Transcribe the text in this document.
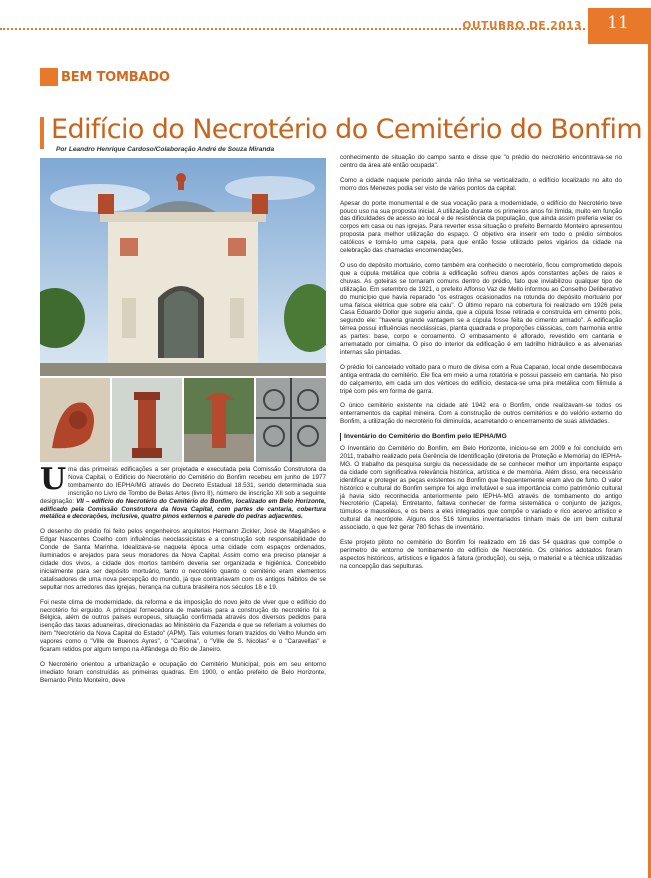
OUTUBRO DE 2013	11
BEM TOMBADO
Edifício do Necrotério do Cemitério do Bonfim
Por Leandro Henrique Cardoso/Colaboração André de Souza Miranda
Uma das primeiras edificações a ser projetada e executada pela Comissão Construtora da Nova Capital, o Edifício do Necrotério do Cemitério do Bonfim recebeu em junho de 1977 tombamento do IEPHA/MG através do Decreto Estadual 18.531, sendo determinada sua inscrição no Livro de Tombo de Belas Artes (livro II), número de inscrição XII sob a seguinte designação: VII – edifício do Necrotério do Cemitério do Bonfim, localizado em Belo Horizonte, edificado pela Comissão Construtora da Nova Capital, com partes de cantaria, cobertura metálica e decorações, inclusive, quatro pinos externos e parede do pedras adjacentes.

O desenho do prédio foi feito pelos engenheiros arquitetos Hermann Zickler, José de Magalhães e Edgar Nascentes Coelho com influências neoclassicistas e a construção sob responsabilidade do Conde de Santa Marinha. Idealizava-se naquela época uma cidade com espaços ordenados, iluminados e arejados para seus moradores da Nova Capital. Assim como era preciso planejar a cidade dos vivos, a cidade dos mortos também deveria ser organizada e higiênica. Concebido inicialmente para ser depósito mortuário, tanto o necrotério quanto o cemitério eram elementos catalisadores de uma nova percepção do mundo, já que contrariavam com os antigos hábitos de se sepultar nos arredores das igrejas, herança na cultura brasileira nos séculos 18 e 19.

Foi neste clima de modernidade, da reforma e da imposição do novo jeito de viver que o edifício do necrotério foi erguido. A principal fornecedora de materiais para a construção do necrotério foi a Bélgica, além de outros países europeus, situação confirmada através dos diversos pedidos para isenção das taxas aduaneiras, direcionadas ao Ministério da Fazenda e que se referiam a volumes do item "Necrotério da Nova Capital do Estado" (APM). Tais volumes foram trazidos do Velho Mundo em vapores como o "Ville de Buenos Ayres", o "Carolina", o "Ville de S. Nicolas" e o "Caravellas" e ficaram retidos por algum tempo na Alfândega do Rio de Janeiro.

O Necrotério orientou a urbanização e ocupação do Cemitério Municipal, pois em seu entorno imediato foram construídas as primeiras quadras. Em 1900, o então prefeito de Belo Horizonte, Bernardo Pinto Monteiro, deve

conhecimento de situação do campo santo e disse que "o prédio do necrotério encontrava-se no centro da área até então ocupada".

Como a cidade naquele período ainda não tinha se verticalizado, o edifício localizado no alto do morro dos Menezes podia ser visto de vários pontos da capital.

Apesar do porte monumental e de sua vocação para a modernidade, o edifício do Necrotério teve pouco uso na sua proposta inicial. A utilização durante os primeiros anos foi tímida, muito em função das dificuldades de acesso ao local e de resistência da população, que ainda assim preferia velar os corpos em casa ou nas igrejas. Para reverter essa situação o prefeito Bernardo Monteiro apresentou proposta para melhor utilização do espaço. O objetivo era inserir em todo o prédio símbolos católicos e torná-lo uma capela, para que então fosse utilizado pelos vigários da cidade na celebração das chamadas encomendações.

O uso do depósito mortuário, como também era conhecido o necrotério, ficou comprometido depois que a cúpula metálica que cobria a edificação sofreu danos após constantes ações de raios e chuvas. As goteiras se tornaram comuns dentro do prédio, fato que inviabilizou qualquer tipo de utilização. Em setembro de 1921, o prefeito Affonso Vaz de Mello informou ao Conselho Deliberativo do município que havia reparado "os estragos ocasionados na rotunda do depósito mortuário por uma faísca elétrica que sobre ela caiu". O último reparo na cobertura foi realizado em 1926 pela Casa Eduardo Dollor que sugeriu ainda, que a cúpula fosse retirada e construída em cimento pois, segundo ele: "haveria grande vantagem se a cúpula fosse feita de cimento armado". A edificação térrea possui influências neoclássicas, planta quadrada e proporções clássicas, com harmonia entre as partes: base, corpo e coroamento. O embasamento é aflorado, revestido em cantaria e arrematado por cimalha. O piso do interior da edificação é em ladrilho hidráulico e as alvenarias internas são pintadas.

O prédio foi cancelado voltado para o muro de divisa com a Rua Caparaó, local onde desembocava antiga entrada do cemitério. Ele fica em meio a uma rotatória e possui passeio em cantaria. No piso do calçamento, em cada um dos vértices do edifício, destaca-se uma pira metálica com filimula a tripé com pés em forma de garra.

O único cemitério existente na cidade até 1942 era o Bonfim, onde realizavam-se todos os enterramentos da capital mineira. Com a construção de outros cemitérios e do velório externo do Bonfim, a utilização do necrotério foi diminuída, acarretando o encerramento de suas atividades.

Inventário do Cemitério do Bonfim pelo IEPHA/MG

O Inventário do Cemitério do Bonfim, em Belo Horizonte, iniciou-se em 2009 e foi concluído em 2011, trabalho realizado pela Gerência de Identificação (diretoria de Proteção e Memória) do IEPHA-MG. O trabalho da pesquisa surgiu da necessidade de se conhecer melhor um importante espaço da cidade com significativa relevância histórica, artística e de memória. Além disso, era necessário identificar e proteger as peças existentes no Bonfim que frequentemente eram alvo de furto. O valor histórico e cultural do Bonfim sempre foi algo irrefutável e sua importância como patrimônio cultural já havia sido reconhecida anteriormente pelo IEPHA-MG através de tombamento do antigo Necrotério (Capela). Entretanto, faltava conhecer de forma sistemática o conjunto de jazigos, túmulos e mausoléus, e os bens a eles integrados que compõe o variado e rico acervo artístico e cultural da necrópole. Alguns dos 516 túmulos inventariados tinham mais de um bem cultural associado, o que fez gerar 780 fichas de inventário.

Este projeto piloto no cemitério do Bonfim foi realizado em 16 das 54 quadras que compõe o perímetro de entorno de tombamento do edifício de Necrotério. Os critérios adotados foram aspectos históricos, artísticos e ligados à fatura (produção), ou seja, o material e a técnica utilizadas na concepção das sepulturas.
